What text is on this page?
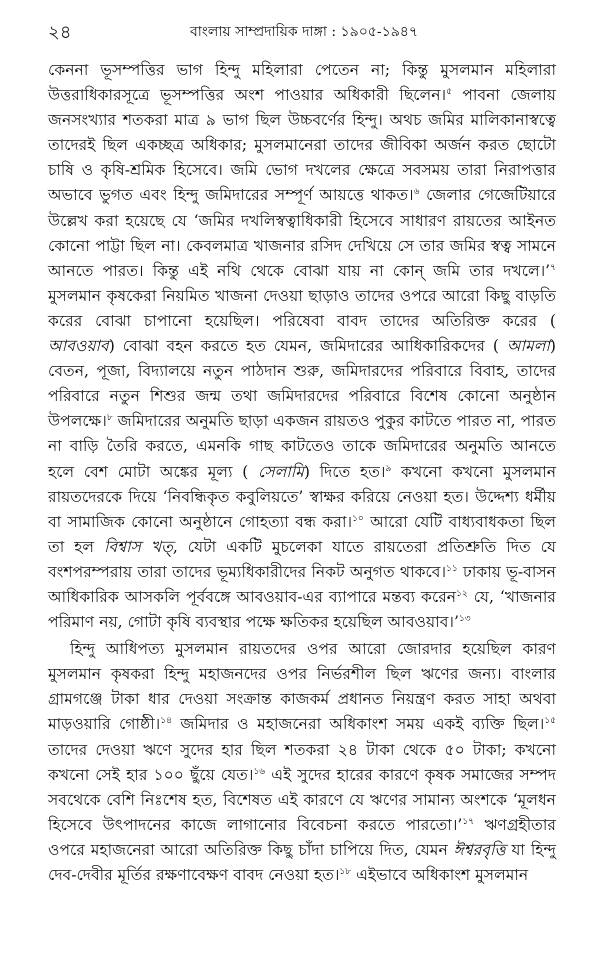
২৪	বাংলায় সাম্প্রদায়িক দাঙ্গা : ১৯০৫-১৯৪৭

কেননা ভূসম্পত্তির ভাগ হিন্দু মহিলারা পেতেন না; কিন্তু মুসলমান মহিলারা উত্তরাধিকারসূত্রে ভূসম্পত্তির অংশ পাওয়ার অধিকারী ছিলেন।$^৫$ পাবনা জেলায় জনসংখ্যার শতকরা মাত্র ৯ ভাগ ছিল উচ্চবর্ণের হিন্দু। অথচ জমির মালিকানাস্বত্বে তাদেরই ছিল একচ্ছত্র অধিকার; মুসলমানেরা তাদের জীবিকা অর্জন করত ছোটো চাষি ও কৃষি-শ্রমিক হিসেবে। জমি ভোগ দখলের ক্ষেত্রে সবসময় তারা নিরাপত্তার অভাবে ভুগত এবং হিন্দু জমিদারের সম্পূর্ণ আয়ত্তে থাকত।$^৬$ জেলার গেজেটিয়ারে উল্লেখ করা হয়েছে যে ‘জমির দখলিস্বত্বাধিকারী হিসেবে সাধারণ রায়তের আইনত কোনো পাট্টা ছিল না। কেবলমাত্র খাজনার রসিদ দেখিয়ে সে তার জমির স্বত্ব সামনে আনতে পারত। কিন্তু এই নথি থেকে বোঝা যায় না কোন্ জমি তার দখলে।’$^৭$ মুসলমান কৃষকেরা নিয়মিত খাজনা দেওয়া ছাড়াও তাদের ওপরে আরো কিছু বাড়তি করের বোঝা চাপানো হয়েছিল। পরিষেবা বাবদ তাদের অতিরিক্ত করের ( আবওয়াব) বোঝা বহন করতে হত যেমন, জমিদারের আধিকারিকদের ( আমলা) বেতন, পূজা, বিদ্যালয়ে নতুন পাঠদান শুরু, জমিদারদের পরিবারে বিবাহ, তাদের পরিবারে নতুন শিশুর জন্ম তথা জমিদারদের পরিবারে বিশেষ কোনো অনুষ্ঠান উপলক্ষে।$^৮$ জমিদারের অনুমতি ছাড়া একজন রায়তও পুকুর কাটতে পারত না, পারত না বাড়ি তৈরি করতে, এমনকি গাছ কাটতেও তাকে জমিদারের অনুমতি আনতে হলে বেশ মোটা অঙ্কের মূল্য ( সেলামি) দিতে হত।$^৯$ কখনো কখনো মুসলমান রায়তদেরকে দিয়ে ‘নিবন্ধিকৃত কবুলিয়তে’ স্বাক্ষর করিয়ে নেওয়া হত। উদ্দেশ্য ধর্মীয় বা সামাজিক কোনো অনুষ্ঠানে গোহত্যা বন্ধ করা।$^{১০}$ আরো যেটি বাধ্যবাধকতা ছিল তা হল বিশ্বাস খত্, যেটা একটি মুচলেকা যাতে রায়তেরা প্রতিশ্রুতি দিত যে বংশপরম্পরায় তারা তাদের ভূম্যধিকারীদের নিকট অনুগত থাকবে।$^{১১}$ ঢাকায় ভূ-বাসন আধিকারিক আসকলি পূর্ববঙ্গে আবওয়াব-এর ব্যাপারে মন্তব্য করেন$^{১২}$ যে, ‘খাজনার পরিমাণ নয়, গোটা কৃষি ব্যবস্থার পক্ষে ক্ষতিকর হয়েছিল আবওয়াব।’$^{১৩}$

হিন্দু আধিপত্য মুসলমান রায়তদের ওপর আরো জোরদার হয়েছিল কারণ মুসলমান কৃষকরা হিন্দু মহাজনদের ওপর নির্ভরশীল ছিল ঋণের জন্য। বাংলার গ্রামগঞ্জে টাকা ধার দেওয়া সংক্রান্ত কাজকর্ম প্রধানত নিয়ন্ত্রণ করত সাহা অথবা মাড়ওয়ারি গোষ্ঠী।$^{১৪}$ জমিদার ও মহাজনেরা অধিকাংশ সময় একই ব্যক্তি ছিল।$^{১৫}$ তাদের দেওয়া ঋণে সুদের হার ছিল শতকরা ২৪ টাকা থেকে ৫০ টাকা; কখনো কখনো সেই হার ১০০ ছুঁয়ে যেত।$^{১৬}$ এই সুদের হারের কারণে কৃষক সমাজের সম্পদ সবথেকে বেশি নিঃশেষ হত, বিশেষত এই কারণে যে ঋণের সামান্য অংশকে ‘মূলধন হিসেবে উৎপাদনের কাজে লাগানোর বিবেচনা করতে পারতো।’$^{১৭}$ ঋণগ্রহীতার ওপরে মহাজনেরা আরো অতিরিক্ত কিছু চাঁদা চাপিয়ে দিত, যেমন ঈশ্বরবৃত্তি যা হিন্দু দেব-দেবীর মূর্তির রক্ষণাবেক্ষণ বাবদ নেওয়া হত।$^{১৮}$ এইভাবে অধিকাংশ মুসলমান
